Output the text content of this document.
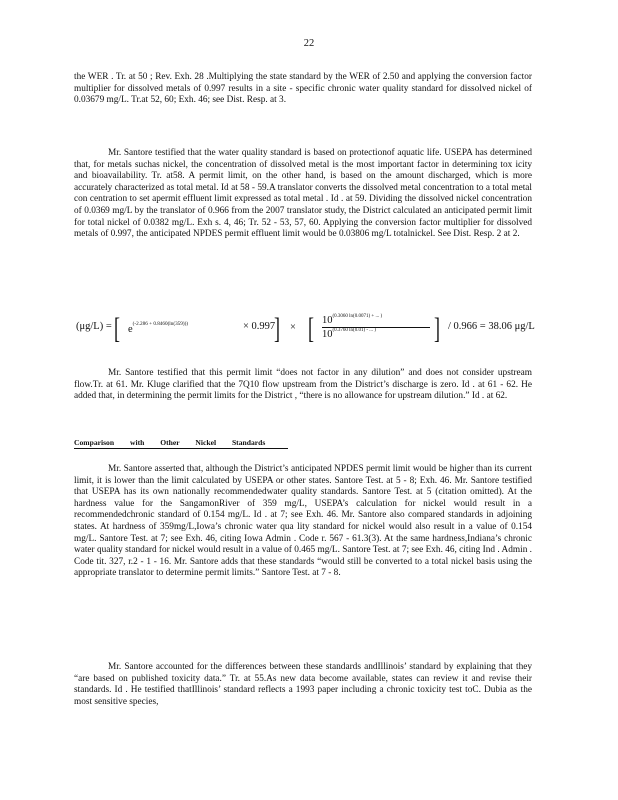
22

the WER . Tr. at 50 ; Rev. Exh. 28 .Multiplying the state standard by the WER of 2.50 and applying the conversion factor multiplier for dissolved metals of 0.997 results in a site - specific chronic water quality standard for dissolved nickel of 0.03679 mg/L. Tr.at 52, 60; Exh. 46; see Dist. Resp. at 3.

Mr. Santore testified that the water quality standard is based on protectionof aquatic life. USEPA has determined that, for metals suchas nickel, the concentration of dissolved metal is the most important factor in determining tox icity and bioavailability. Tr. at58. A permit limit, on the other hand, is based on the amount discharged, which is more accurately characterized as total metal. Id at 58 - 59.A translator converts the dissolved metal concentration to a total metal con centration to set apermit effluent limit expressed as total metal . Id . at 59. Dividing the dissolved nickel concentration of 0.0369 mg/L by the translator of 0.966 from the 2007 translator study, the District calculated an anticipated permit limit for total nickel of 0.0382 mg/L. Exh s. 4, 46; Tr. 52 - 53, 57, 60. Applying the conversion factor multiplier for dissolved metals of 0.997, the anticipated NPDES permit effluent limit would be 0.03806 mg/L totalnickel. See Dist. Resp. 2 at 2.

(μg/L) = [ $e^{(-2.286 + 0.8460(ln(359)))}$	× 0.997
] × [ $10^{(0.3060 ln(0.0071) + ... )}$
$10^{(0.3760 ln(0.01) - ... )}$ ] / 0.966 = 38.06 μg/L

Mr. Santore testified that this permit limit “does not factor in any dilution” and does not consider upstream flow.Tr. at 61. Mr. Kluge clarified that the 7Q10 flow upstream from the District’s discharge is zero. Id . at 61 - 62. He added that, in determining the permit limits for the District , “there is no allowance for upstream dilution.” Id . at 62.

Comparison with Other Nickel Standards

Mr. Santore asserted that, although the District’s anticipated NPDES permit limit would be higher than its current limit, it is lower than the limit calculated by USEPA or other states. Santore Test. at 5 - 8; Exh. 46. Mr. Santore testified that USEPA has its own nationally recommendedwater quality standards. Santore Test. at 5 (citation omitted). At the hardness value for the SangamonRiver of 359 mg/L, USEPA’s calculation for nickel would result in a recommendedchronic standard of 0.154 mg/L. Id . at 7; see Exh. 46. Mr. Santore also compared standards in adjoining states. At hardness of 359mg/L,Iowa’s chronic water qua lity standard for nickel would also result in a value of 0.154 mg/L. Santore Test. at 7; see Exh. 46, citing Iowa Admin . Code r. 567 - 61.3(3). At the same hardness,Indiana’s chronic water quality standard for nickel would result in a value of 0.465 mg/L. Santore Test. at 7; see Exh. 46, citing Ind . Admin . Code tit. 327, r.2 - 1 - 16. Mr. Santore adds that these standards “would still be converted to a total nickel basis using the appropriate translator to determine permit limits.” Santore Test. at 7 - 8.

Mr. Santore accounted for the differences between these standards andIllinois’ standard by explaining that they “are based on published toxicity data.” Tr. at 55.As new data become available, states can review it and revise their standards. Id . He testified thatIllinois’ standard reflects a 1993 paper including a chronic toxicity test toC. Dubia as the most sensitive species,
